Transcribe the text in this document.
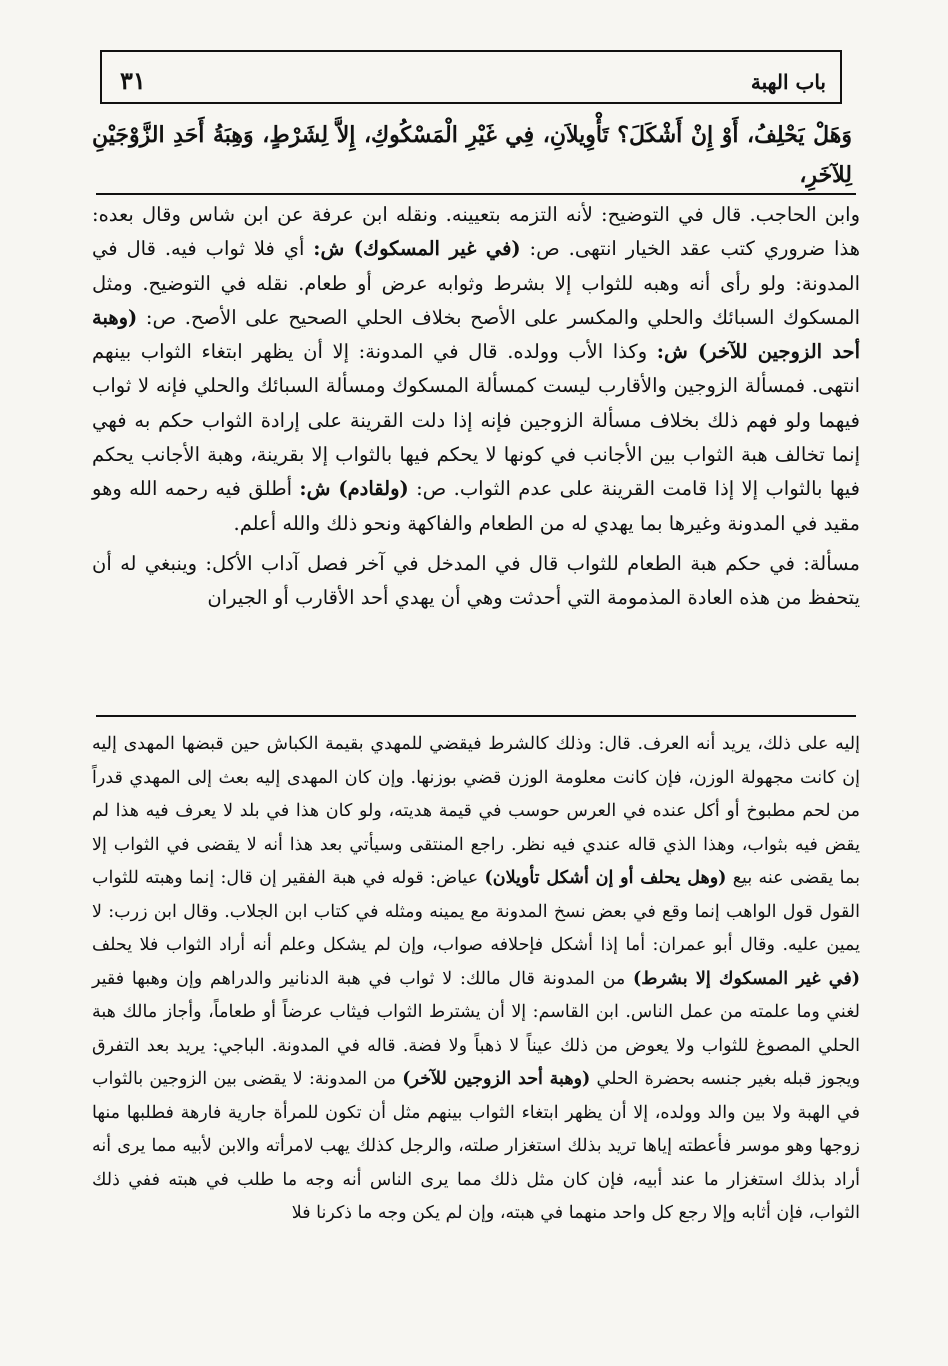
باب الهبة
٣١
وَهَلْ يَحْلِفُ، أَوْ إِنْ أَشْكَلَ؟ تَأْوِيلاَنِ، فِي غَيْرِ الْمَسْكُوكِ، إِلاَّ لِشَرْطٍ، وَهِبَةُ أَحَدِ الزَّوْجَيْنِ لِلآخَرِ،

وابن الحاجب. قال في التوضيح: لأنه التزمه بتعيينه. ونقله ابن عرفة عن ابن شاس وقال بعده: هذا ضروري كتب عقد الخيار انتهى. ص: (في غير المسكوك) ش: أي فلا ثواب فيه. قال في المدونة: ولو رأى أنه وهبه للثواب إلا بشرط وثوابه عرض أو طعام. نقله في التوضيح. ومثل المسكوك السبائك والحلي والمكسر على الأصح بخلاف الحلي الصحيح على الأصح. ص: (وهبة أحد الزوجين للآخر) ش: وكذا الأب وولده. قال في المدونة: إلا أن يظهر ابتغاء الثواب بينهم انتهى. فمسألة الزوجين والأقارب ليست كمسألة المسكوك ومسألة السبائك والحلي فإنه لا ثواب فيهما ولو فهم ذلك بخلاف مسألة الزوجين فإنه إذا دلت القرينة على إرادة الثواب حكم به فهي إنما تخالف هبة الثواب بين الأجانب في كونها لا يحكم فيها بالثواب إلا بقرينة، وهبة الأجانب يحكم فيها بالثواب إلا إذا قامت القرينة على عدم الثواب. ص: (ولقادم) ش: أطلق فيه رحمه الله وهو مقيد في المدونة وغيرها بما يهدي له من الطعام والفاكهة ونحو ذلك والله أعلم.

مسألة: في حكم هبة الطعام للثواب قال في المدخل في آخر فصل آداب الأكل: وينبغي له أن يتحفظ من هذه العادة المذمومة التي أحدثت وهي أن يهدي أحد الأقارب أو الجيران

إليه على ذلك، يريد أنه العرف. قال: وذلك كالشرط فيقضي للمهدي بقيمة الكباش حين قبضها المهدى إليه إن كانت مجهولة الوزن، فإن كانت معلومة الوزن قضي بوزنها. وإن كان المهدى إليه بعث إلى المهدي قدراً من لحم مطبوخ أو أكل عنده في العرس حوسب في قيمة هديته، ولو كان هذا في بلد لا يعرف فيه هذا لم يقض فيه بثواب، وهذا الذي قاله عندي فيه نظر. راجع المنتقى وسيأتي بعد هذا أنه لا يقضى في الثواب إلا بما يقضى عنه بيع (وهل يحلف أو إن أشكل تأويلان) عياض: قوله في هبة الفقير إن قال: إنما وهبته للثواب القول قول الواهب إنما وقع في بعض نسخ المدونة مع يمينه ومثله في كتاب ابن الجلاب. وقال ابن زرب: لا يمين عليه. وقال أبو عمران: أما إذا أشكل فإحلافه صواب، وإن لم يشكل وعلم أنه أراد الثواب فلا يحلف (في غير المسكوك إلا بشرط) من المدونة قال مالك: لا ثواب في هبة الدنانير والدراهم وإن وهبها فقير لغني وما علمته من عمل الناس. ابن القاسم: إلا أن يشترط الثواب فيثاب عرضاً أو طعاماً، وأجاز مالك هبة الحلي المصوغ للثواب ولا يعوض من ذلك عيناً لا ذهباً ولا فضة. قاله في المدونة. الباجي: يريد بعد التفرق ويجوز قبله بغير جنسه بحضرة الحلي (وهبة أحد الزوجين للآخر) من المدونة: لا يقضى بين الزوجين بالثواب في الهبة ولا بين والد وولده، إلا أن يظهر ابتغاء الثواب بينهم مثل أن تكون للمرأة جارية فارهة فطلبها منها زوجها وهو موسر فأعطته إياها تريد بذلك استغزار صلته، والرجل كذلك يهب لامرأته والابن لأبيه مما يرى أنه أراد بذلك استغزار ما عند أبيه، فإن كان مثل ذلك مما يرى الناس أنه وجه ما طلب في هبته ففي ذلك الثواب، فإن أثابه وإلا رجع كل واحد منهما في هبته، وإن لم يكن وجه ما ذكرنا فلا
